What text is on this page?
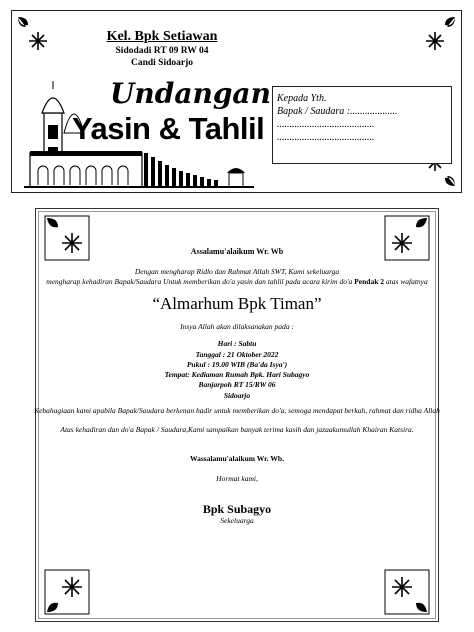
Kel. Bpk Setiawan
Sidodadi RT 09 RW 04
Candi Sidoarjo
Undangan
Yasin & Tahlil
Kepada Yth.
Bapak / Saudara :...................
.......................................
.......................................
Assalamu'alaikum Wr. Wb
Dengan mengharap Ridlo dan Rahmat Allah SWT, Kami sekeluarga
mengharap kehadiran Bapak/Saudara Untuk memberikan do'a yasin dan tahlil pada acara kirim do'a Pendak 2 atas wafatnya
“Almarhum Bpk Timan”
Insya Allah akan dilaksanakan pada :
Hari : Sabtu
Tanggal : 21 Oktober 2022
Pukul : 19.00 WIB (Ba'da Isya')
Tempat: Kediaman Rumah Bpk. Hari Subagyo
Banjarpoh RT 15/RW 06
Sidoarjo
Kebahagiaan kami apabila Bapak/Saudara berkenan hadir untuk memberikan do'a, semoga mendapat berkah, rahmat dan ridha Allah
Atas kehadiran dan do'a Bapak / Saudara,Kami sampaikan banyak terima kasih dan jazaakumullah Khairan Katsira.
Wassalamu'alaikum Wr. Wb.
Hormat kami,
Bpk Subagyo
Sekeluarga
